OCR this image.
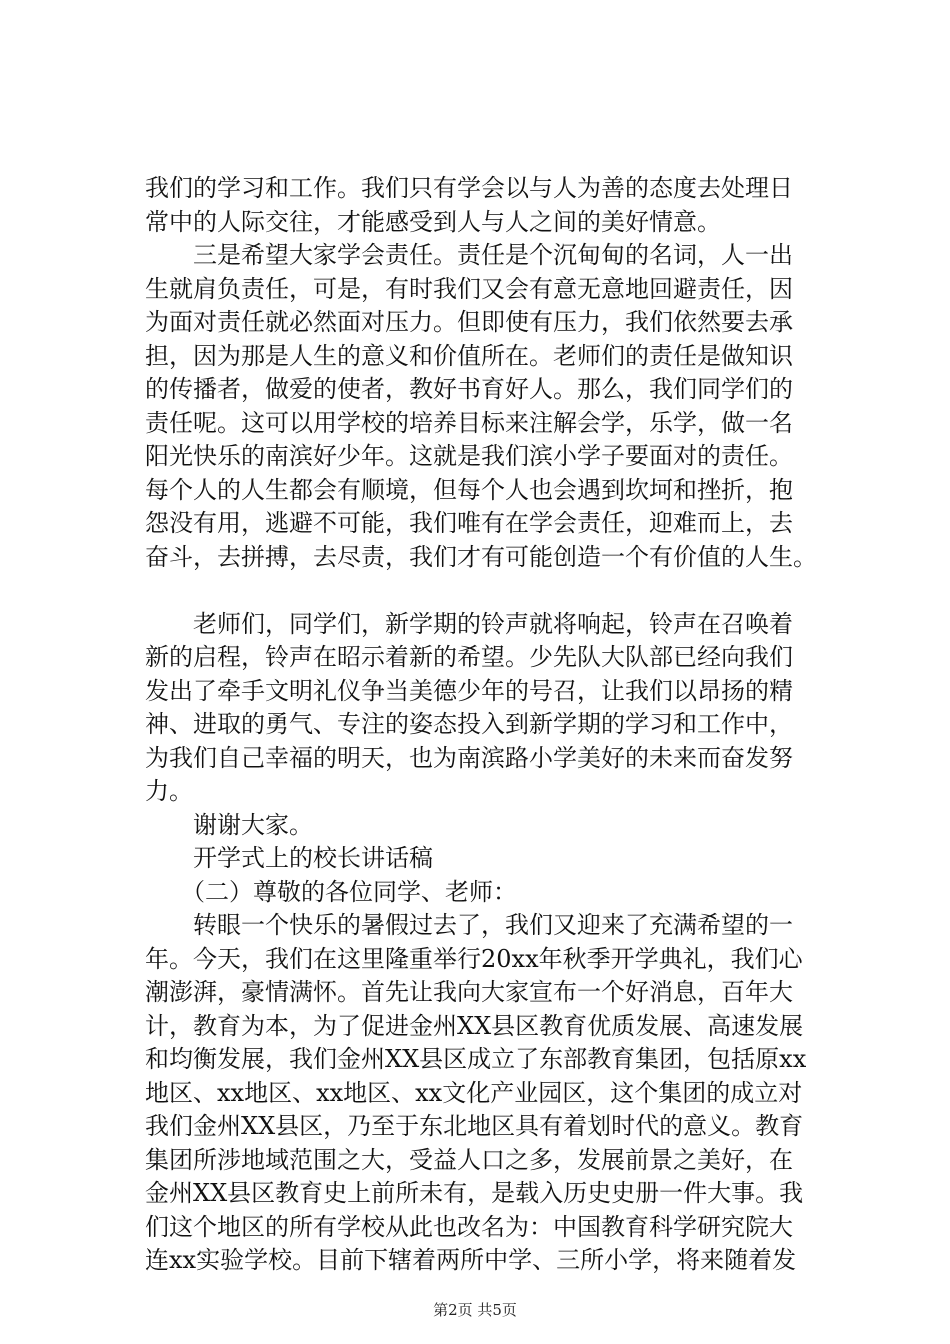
我们的学习和工作。我们只有学会以与人为善的态度去处理日
常中的人际交往，才能感受到人与人之间的美好情意。
　　三是希望大家学会责任。责任是个沉甸甸的名词，人一出
生就肩负责任，可是，有时我们又会有意无意地回避责任，因
为面对责任就必然面对压力。但即使有压力，我们依然要去承
担，因为那是人生的意义和价值所在。老师们的责任是做知识
的传播者，做爱的使者，教好书育好人。那么，我们同学们的
责任呢。这可以用学校的培养目标来注解会学，乐学，做一名
阳光快乐的南滨好少年。这就是我们滨小学子要面对的责任。
每个人的人生都会有顺境，但每个人也会遇到坎坷和挫折，抱
怨没有用，逃避不可能，我们唯有在学会责任，迎难而上，去
奋斗，去拼搏，去尽责，我们才有可能创造一个有价值的人生。
　　老师们，同学们，新学期的铃声就将响起，铃声在召唤着
新的启程，铃声在昭示着新的希望。少先队大队部已经向我们
发出了牵手文明礼仪争当美德少年的号召，让我们以昂扬的精
神、进取的勇气、专注的姿态投入到新学期的学习和工作中，
为我们自己幸福的明天，也为南滨路小学美好的未来而奋发努
力。
　　谢谢大家。
　　开学式上的校长讲话稿
　　（二）尊敬的各位同学、老师：
　　转眼一个快乐的暑假过去了，我们又迎来了充满希望的一
年。今天，我们在这里隆重举行20xx年秋季开学典礼，我们心
潮澎湃，豪情满怀。首先让我向大家宣布一个好消息，百年大
计，教育为本，为了促进金州XX县区教育优质发展、高速发展
和均衡发展，我们金州XX县区成立了东部教育集团，包括原xx
地区、xx地区、xx地区、xx文化产业园区，这个集团的成立对
我们金州XX县区，乃至于东北地区具有着划时代的意义。教育
集团所涉地域范围之大，受益人口之多，发展前景之美好，在
金州XX县区教育史上前所未有，是载入历史史册一件大事。我
们这个地区的所有学校从此也改名为：中国教育科学研究院大
连xx实验学校。目前下辖着两所中学、三所小学，将来随着发
第2页 共5页
